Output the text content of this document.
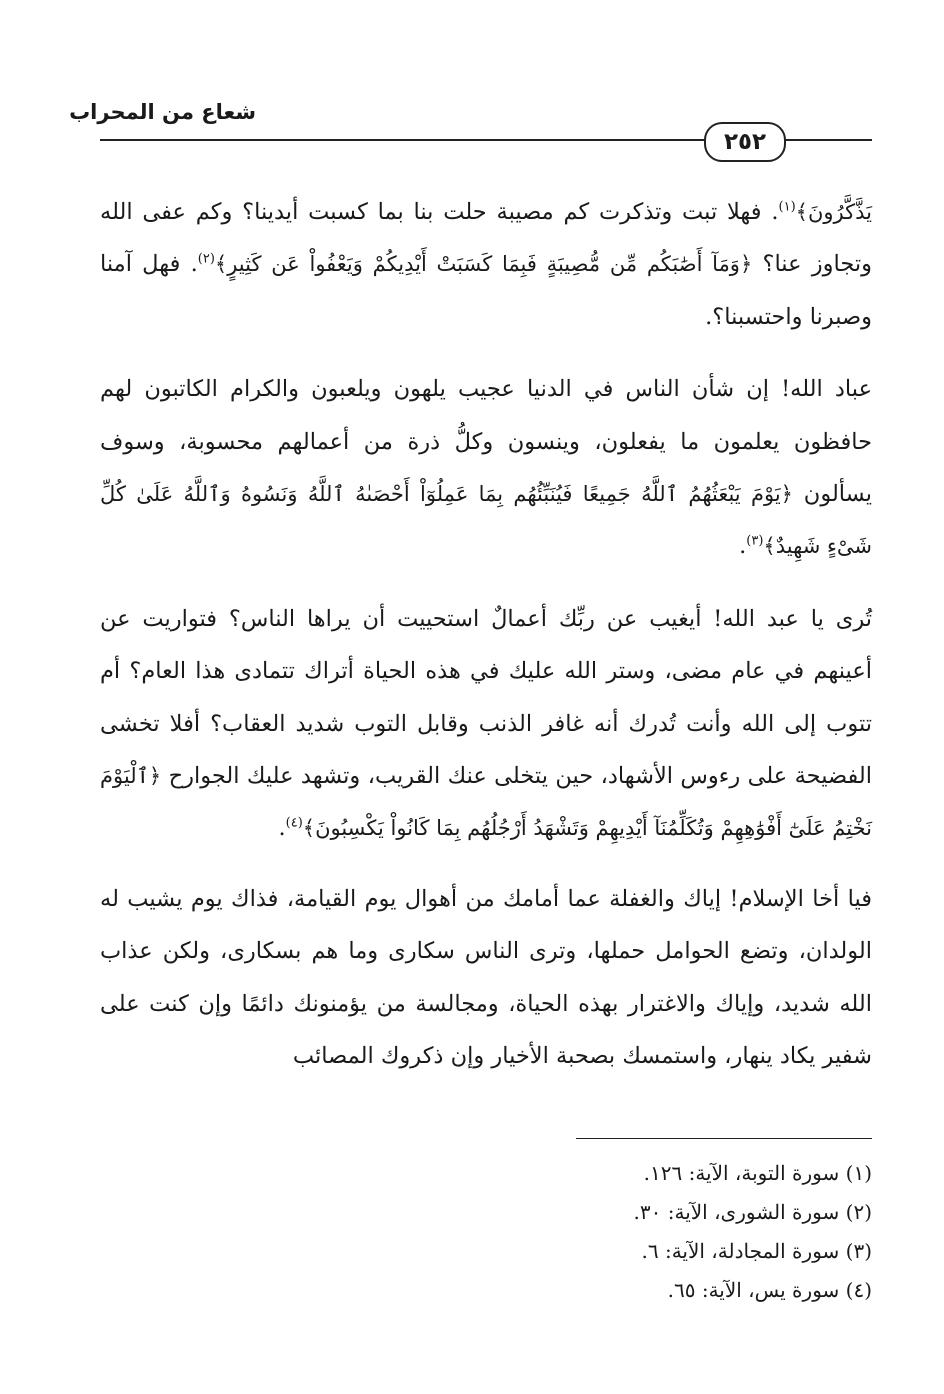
شعاع من المحراب
٢٥٢

يَذَّكَّرُونَ﴾$^{(١)}$. فهلا تبت وتذكرت كم مصيبة حلت بنا بما كسبت أيدينا؟ وكم عفى الله وتجاوز عنا؟ ﴿وَمَآ أَصَٰبَكُم مِّن مُّصِيبَةٍ فَبِمَا كَسَبَتْ أَيْدِيكُمْ وَيَعْفُواْ عَن كَثِيرٍ﴾$^{(٢)}$. فهل آمنا وصبرنا واحتسبنا؟.

عباد الله! إن شأن الناس في الدنيا عجيب يلهون ويلعبون والكرام الكاتبون لهم حافظون يعلمون ما يفعلون، وينسون وكلُّ ذرة من أعمالهم محسوبة، وسوف يسألون ﴿يَوْمَ يَبْعَثُهُمُ ٱللَّهُ جَمِيعًا فَيُنَبِّئُهُم بِمَا عَمِلُوٓاْ أَحْصَىٰهُ ٱللَّهُ وَنَسُوهُ وَٱللَّهُ عَلَىٰ كُلِّ شَىْءٍ شَهِيدٌ﴾$^{(٣)}$.

تُرى يا عبد الله! أيغيب عن ربِّك أعمالٌ استحييت أن يراها الناس؟ فتواريت عن أعينهم في عام مضى، وستر الله عليك في هذه الحياة أتراك تتمادى هذا العام؟ أم تتوب إلى الله وأنت تُدرك أنه غافر الذنب وقابل التوب شديد العقاب؟ أفلا تخشى الفضيحة على رءوس الأشهاد، حين يتخلى عنك القريب، وتشهد عليك الجوارح ﴿ٱلْيَوْمَ نَخْتِمُ عَلَىٰٓ أَفْوَٰهِهِمْ وَتُكَلِّمُنَآ أَيْدِيهِمْ وَتَشْهَدُ أَرْجُلُهُم بِمَا كَانُواْ يَكْسِبُونَ﴾$^{(٤)}$.

فيا أخا الإسلام! إياك والغفلة عما أمامك من أهوال يوم القيامة، فذاك يوم يشيب له الولدان، وتضع الحوامل حملها، وترى الناس سكارى وما هم بسكارى، ولكن عذاب الله شديد، وإياك والاغترار بهذه الحياة، ومجالسة من يؤمنونك دائمًا وإن كنت على شفير يكاد ينهار، واستمسك بصحبة الأخيار وإن ذكروك المصائب

(١) سورة التوبة، الآية: ١٢٦.
(٢) سورة الشورى، الآية: ٣٠.
(٣) سورة المجادلة، الآية: ٦.
(٤) سورة يس، الآية: ٦٥.
